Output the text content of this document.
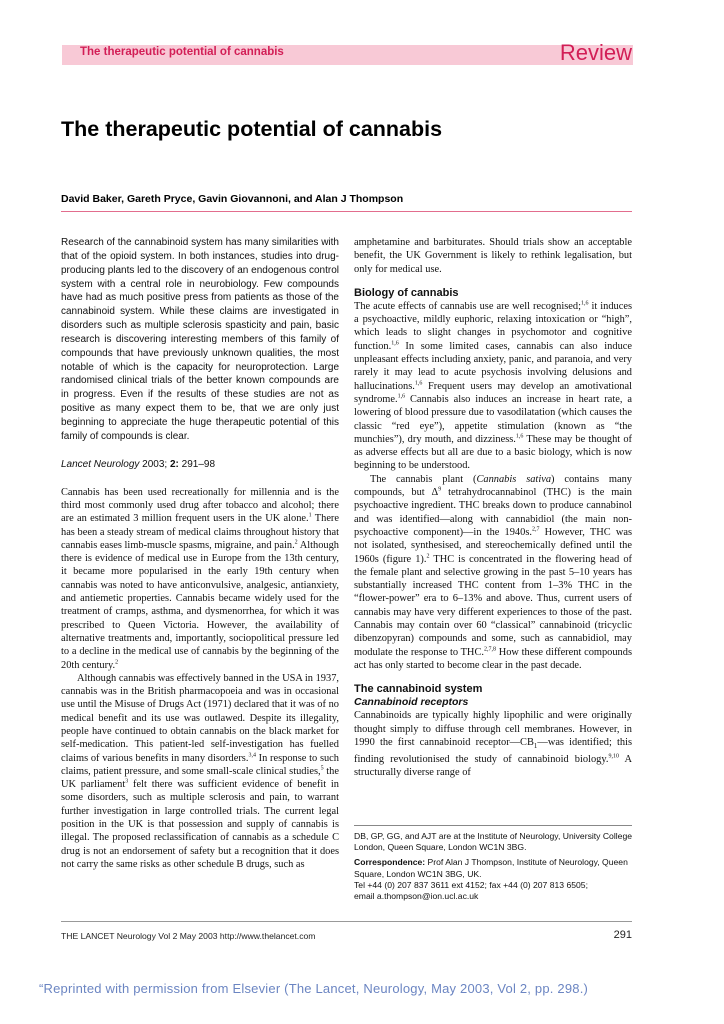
The therapeutic potential of cannabis	Review
The therapeutic potential of cannabis
David Baker, Gareth Pryce, Gavin Giovannoni, and Alan J Thompson

Research of the cannabinoid system has many similarities with that of the opioid system. In both instances, studies into drug-producing plants led to the discovery of an endogenous control system with a central role in neurobiology. Few compounds have had as much positive press from patients as those of the cannabinoid system. While these claims are investigated in disorders such as multiple sclerosis spasticity and pain, basic research is discovering interesting members of this family of compounds that have previously unknown qualities, the most notable of which is the capacity for neuroprotection. Large randomised clinical trials of the better known compounds are in progress. Even if the results of these studies are not as positive as many expect them to be, that we are only just beginning to appreciate the huge therapeutic potential of this family of compounds is clear.

Lancet Neurology 2003; 2: 291–98

Cannabis has been used recreationally for millennia and is the third most commonly used drug after tobacco and alcohol; there are an estimated 3 million frequent users in the UK alone.$^1$ There has been a steady stream of medical claims throughout history that cannabis eases limb-muscle spasms, migraine, and pain.$^2$ Although there is evidence of medical use in Europe from the 13th century, it became more popularised in the early 19th century when cannabis was noted to have anticonvulsive, analgesic, antianxiety, and antiemetic properties. Cannabis became widely used for the treatment of cramps, asthma, and dysmenorrhea, for which it was prescribed to Queen Victoria. However, the availability of alternative treatments and, importantly, sociopolitical pressure led to a decline in the medical use of cannabis by the beginning of the 20th century.$^2$

Although cannabis was effectively banned in the USA in 1937, cannabis was in the British pharmacopoeia and was in occasional use until the Misuse of Drugs Act (1971) declared that it was of no medical benefit and its use was outlawed. Despite its illegality, people have continued to obtain cannabis on the black market for self-medication. This patient-led self-investigation has fuelled claims of various benefits in many disorders.$^{3,4}$ In response to such claims, patient pressure, and some small-scale clinical studies,$^5$ the UK parliament$^3$ felt there was sufficient evidence of benefit in some disorders, such as multiple sclerosis and pain, to warrant further investigation in large controlled trials. The current legal position in the UK is that possession and supply of cannabis is illegal. The proposed reclassification of cannabis as a schedule C drug is not an endorsement of safety but a recognition that it does not carry the same risks as other schedule B drugs, such as

amphetamine and barbiturates. Should trials show an acceptable benefit, the UK Government is likely to rethink legalisation, but only for medical use.

Biology of cannabis

The acute effects of cannabis use are well recognised;$^{1,6}$ it induces a psychoactive, mildly euphoric, relaxing intoxication or “high”, which leads to slight changes in psychomotor and cognitive function.$^{1,6}$ In some limited cases, cannabis can also induce unpleasant effects including anxiety, panic, and paranoia, and very rarely it may lead to acute psychosis involving delusions and hallucinations.$^{1,6}$ Frequent users may develop an amotivational syndrome.$^{1,6}$ Cannabis also induces an increase in heart rate, a lowering of blood pressure due to vasodilatation (which causes the classic “red eye”), appetite stimulation (known as “the munchies”), dry mouth, and dizziness.$^{1,6}$ These may be thought of as adverse effects but all are due to a basic biology, which is now beginning to be understood.

The cannabis plant (Cannabis sativa) contains many compounds, but $\Delta^9$ tetrahydrocannabinol (THC) is the main psychoactive ingredient. THC breaks down to produce cannabinol and was identified—along with cannabidiol (the main non-psychoactive component)—in the 1940s.$^{2,7}$ However, THC was not isolated, synthesised, and stereochemically defined until the 1960s (figure 1).$^2$ THC is concentrated in the flowering head of the female plant and selective growing in the past 5–10 years has substantially increased THC content from 1–3% THC in the “flower-power” era to 6–13% and above. Thus, current users of cannabis may have very different experiences to those of the past. Cannabis may contain over 60 “classical” cannabinoid (tricyclic dibenzopyran) compounds and some, such as cannabidiol, may modulate the response to THC.$^{2,7,8}$ How these different compounds act has only started to become clear in the past decade.

The cannabinoid system
Cannabinoid receptors

Cannabinoids are typically highly lipophilic and were originally thought simply to diffuse through cell membranes. However, in 1990 the first cannabinoid $receptor—CB_1—was$ identified; this finding revolutionised the study of cannabinoid biology.$^{9,10}$ A structurally diverse range of

DB, GP, GG, and AJT are at the Institute of Neurology, University College London, Queen Square, London WC1N 3BG.

Correspondence: Prof Alan J Thompson, Institute of Neurology, Queen Square, London WC1N 3BG, UK.
Tel +44 (0) 207 837 3611 ext 4152; fax +44 (0) 207 813 6505;
email a.thompson@ion.ucl.ac.uk

THE LANCET Neurology Vol 2 May 2003 http://www.thelancet.com	291
“Reprinted with permission from Elsevier (The Lancet, Neurology, May 2003, Vol 2, pp. 298.)
